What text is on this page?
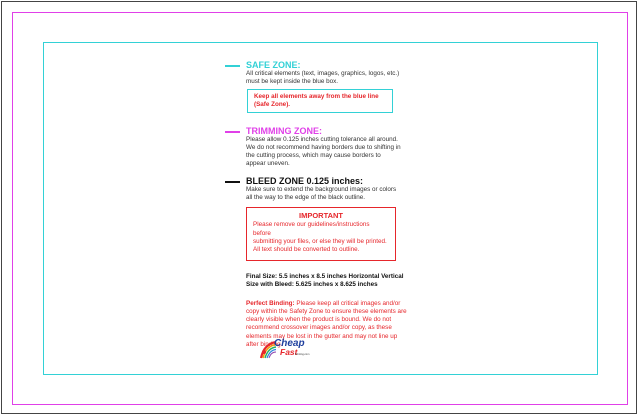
SAFE ZONE:
All critical elements (text, images, graphics, logos, etc.)
must be kept inside the blue box.
Keep all elements away from the blue line
(Safe Zone).
TRIMMING ZONE:
Please allow 0.125 inches cutting tolerance all around.
We do not recommend having borders due to shifting in
the cutting process, which may cause borders to
appear uneven.
BLEED ZONE 0.125 inches:
Make sure to extend the background images or colors
all the way to the edge of the black outline.
IMPORTANT
Please remove our guidelines/instructions before
submitting your files, or else they will be printed.
All text should be converted to outline.
Final Size: 5.5 inches x 8.5 inches Horizontal Vertical
Size with Bleed: 5.625 inches x 8.625 inches
Perfect Binding: Please keep all critical images and/or
copy within the Safety Zone to ensure these elements are
clearly visible when the product is bound. We do not
recommend crossover images and/or copy, as these
elements may be lost in the gutter and may not line up
after binding.
Cheap
Fast
Printing.com
